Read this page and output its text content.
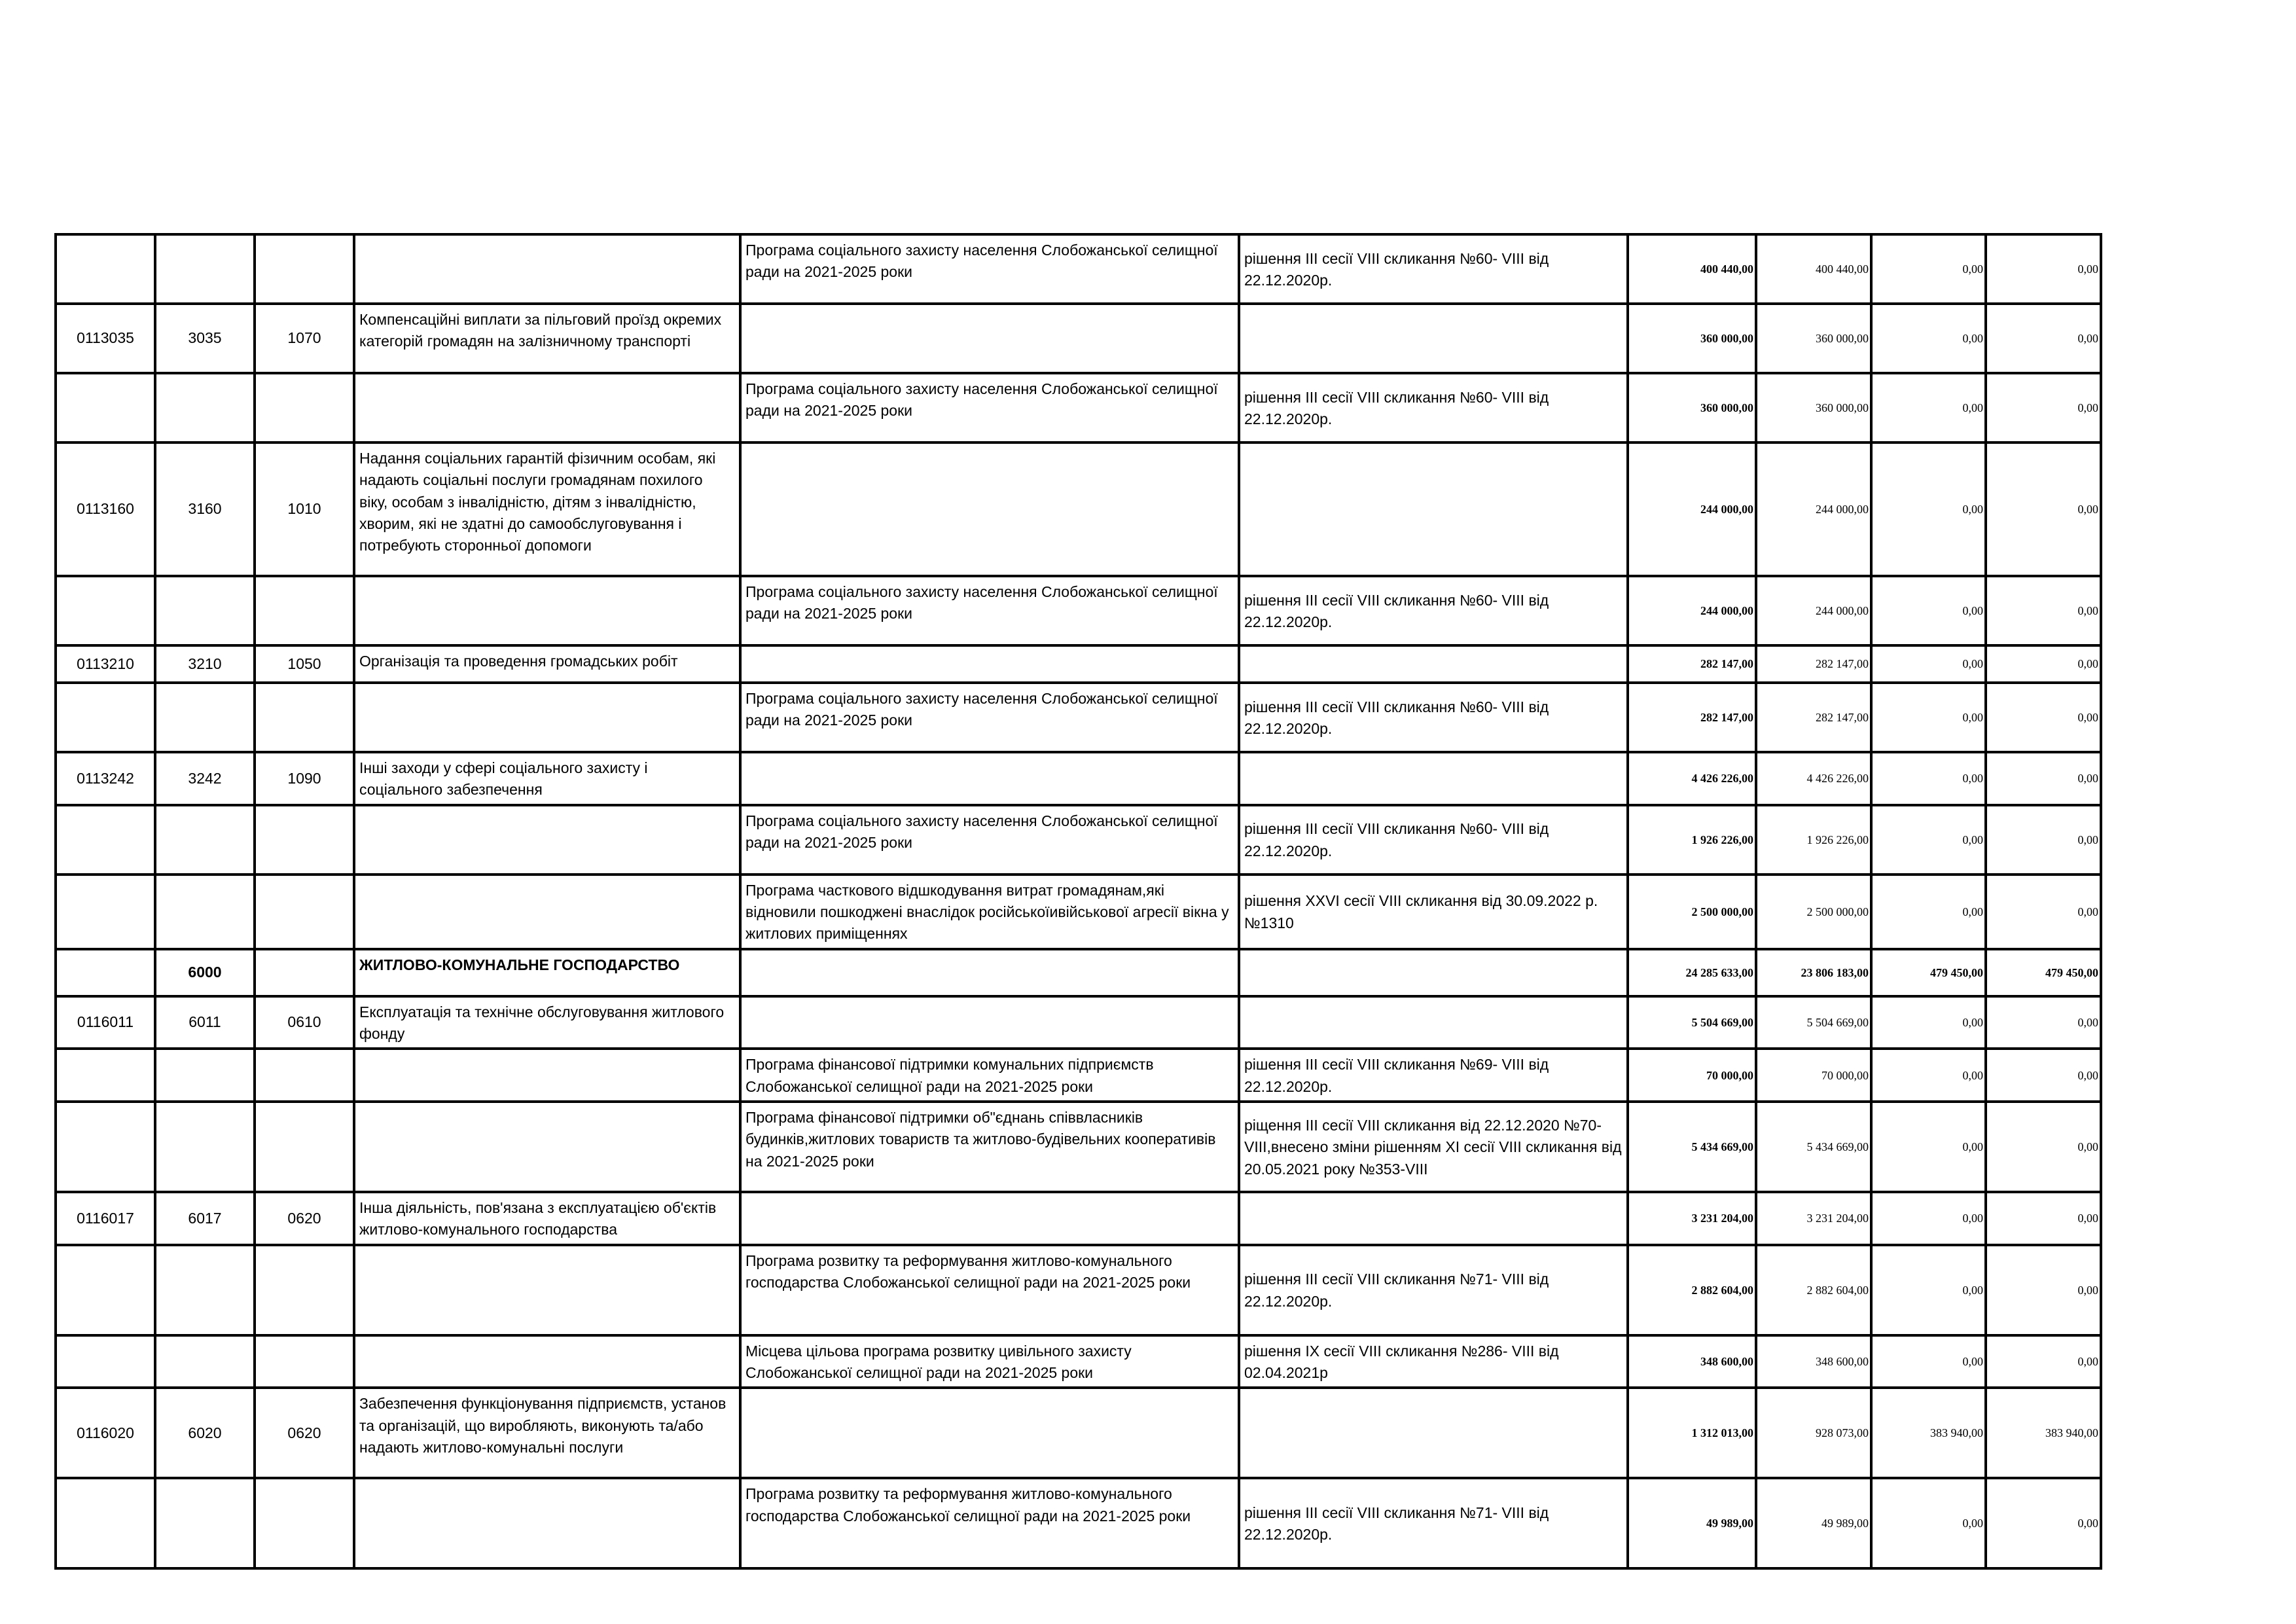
				Програма соціального захисту населення Слобожанської селищної ради на 2021-2025 роки	рішення ІІІ сесії VIІІ скликання №60- VIІІ від 22.12.2020р.	400 440,00	400 440,00	0,00	0,00
0113035	3035	1070	Компенсаційні виплати за пільговий проїзд окремих категорій громадян на залізничному транспорті			360 000,00	360 000,00	0,00	0,00
				Програма соціального захисту населення Слобожанської селищної ради на 2021-2025 роки	рішення ІІІ сесії VIІІ скликання №60- VIІІ від 22.12.2020р.	360 000,00	360 000,00	0,00	0,00
0113160	3160	1010	Надання соціальних гарантій фізичним особам, які надають соціальні послуги громадянам похилого віку, особам з інвалідністю, дітям з інвалідністю, хворим, які не здатні до самообслуговування і потребують сторонньої допомоги			244 000,00	244 000,00	0,00	0,00
				Програма соціального захисту населення Слобожанської селищної ради на 2021-2025 роки	рішення ІІІ сесії VIІІ скликання №60- VIІІ від 22.12.2020р.	244 000,00	244 000,00	0,00	0,00
0113210	3210	1050	Організація та проведення громадських робіт			282 147,00	282 147,00	0,00	0,00
				Програма соціального захисту населення Слобожанської селищної ради на 2021-2025 роки	рішення ІІІ сесії VIІІ скликання №60- VIІІ від 22.12.2020р.	282 147,00	282 147,00	0,00	0,00
0113242	3242	1090	Інші заходи у сфері соціального захисту і соціального забезпечення			4 426 226,00	4 426 226,00	0,00	0,00
				Програма соціального захисту населення Слобожанської селищної ради на 2021-2025 роки	рішення ІІІ сесії VIІІ скликання №60- VIІІ від 22.12.2020р.	1 926 226,00	1 926 226,00	0,00	0,00
				Програма часткового відшкодування витрат громадянам,які відновили пошкоджені внаслідок російськоїивійськової агресії вікна у житлових приміщеннях	рішення XXVI сесії VIII скликання від 30.09.2022 р.№1310	2 500 000,00	2 500 000,00	0,00	0,00
	6000		ЖИТЛОВО-КОМУНАЛЬНЕ ГОСПОДАРСТВО			24 285 633,00	23 806 183,00	479 450,00	479 450,00
0116011	6011	0610	Експлуатація та технічне обслуговування житлового фонду			5 504 669,00	5 504 669,00	0,00	0,00
				Програма фінансової підтримки комунальних підприємств Слобожанської селищної ради на 2021-2025 роки	рішення ІІІ сесії VIІІ скликання №69- VIІІ від 22.12.2020р.	70 000,00	70 000,00	0,00	0,00
				Програма фінансової підтримки об"єднань співвласників будинків,житлових товариств та житлово-будівельних кооперативів на 2021-2025 роки	рiщення ІІІ сесії VIІІ скликання від 22.12.2020 №70-VIІІ,внесено зміни рішенням ХІ сесії VIІІ скликання від 20.05.2021 року №353-VIІІ	5 434 669,00	5 434 669,00	0,00	0,00
0116017	6017	0620	Інша діяльність, пов'язана з експлуатацією об'єктів житлово-комунального господарства			3 231 204,00	3 231 204,00	0,00	0,00
				Програма розвитку та реформування житлово-комунального господарства Слобожанської селищної ради на 2021-2025 роки	рішення ІІІ сесії VIІІ скликання №71- VIІІ від 22.12.2020р.	2 882 604,00	2 882 604,00	0,00	0,00
				Місцева цільова програма розвитку цивільного захисту Слобожанської селищної ради на 2021-2025 роки	рішення ІХ сесії VIІІ скликання №286- VIІІ від 02.04.2021р	348 600,00	348 600,00	0,00	0,00
0116020	6020	0620	Забезпечення функціонування підприємств, установ та організацій, що виробляють, виконують та/або надають житлово-комунальні послуги			1 312 013,00	928 073,00	383 940,00	383 940,00
				Програма розвитку та реформування житлово-комунального господарства Слобожанської селищної ради на 2021-2025 роки	рішення ІІІ сесії VIІІ скликання №71- VIІІ від 22.12.2020р.	49 989,00	49 989,00	0,00	0,00
